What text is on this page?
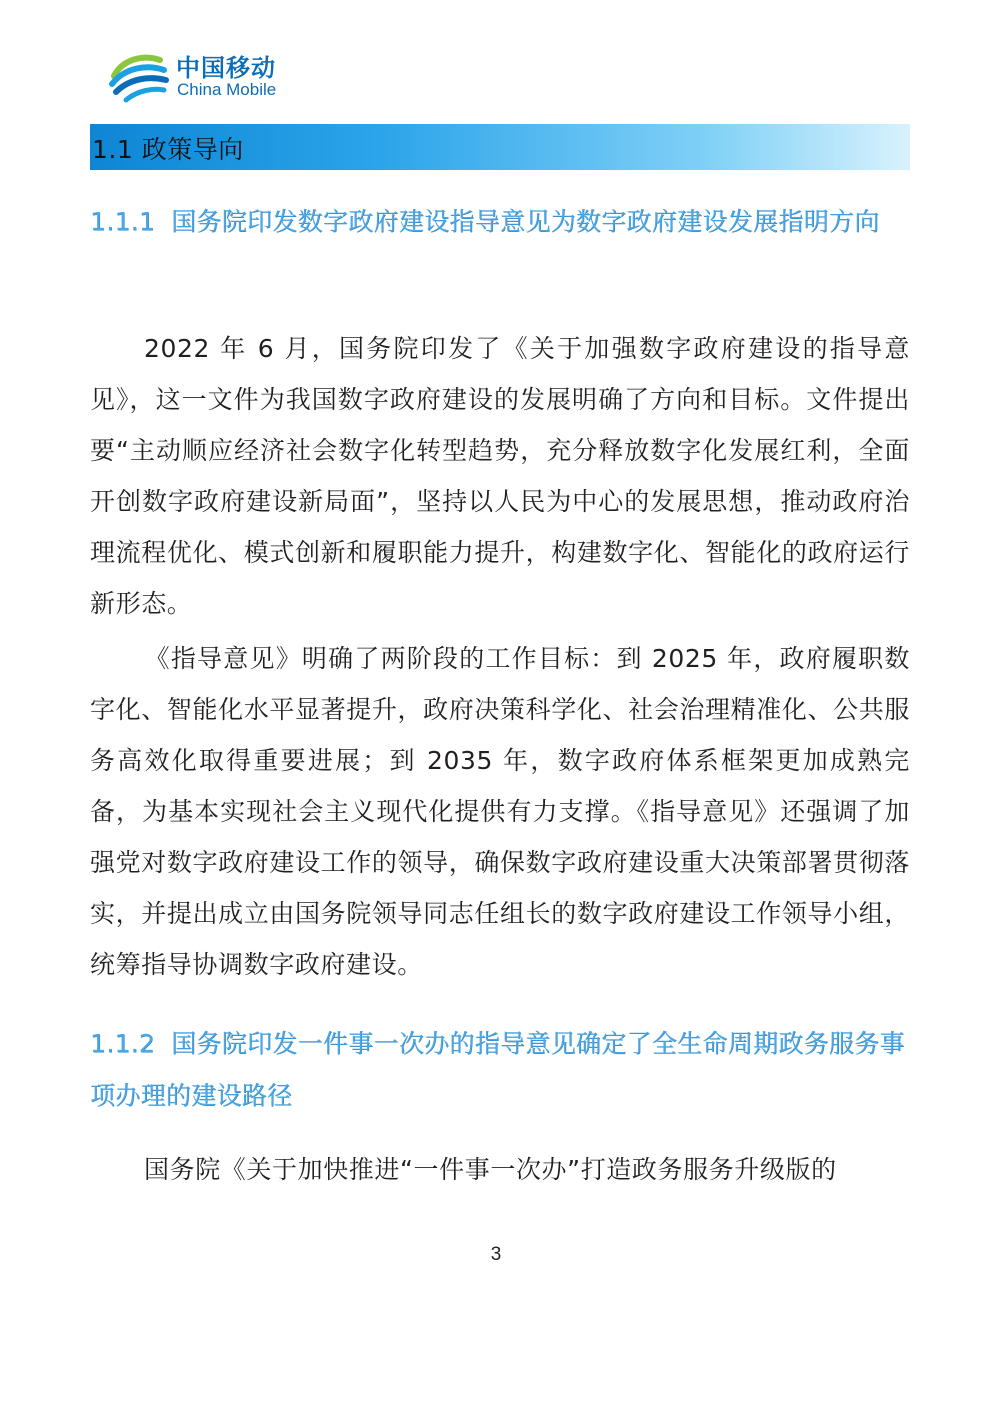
中国移动
China Mobile
1.1 政策导向
1.1.1 国务院印发数字政府建设指导意见为数字政府建设发展指明方向

2022 年 6 月，国务院印发了《关于加强数字政府建设的指导意见》，这一文件为我国数字政府建设的发展明确了方向和目标。文件提出要“主动顺应经济社会数字化转型趋势，充分释放数字化发展红利，全面开创数字政府建设新局面”，坚持以人民为中心的发展思想，推动政府治理流程优化、模式创新和履职能力提升，构建数字化、智能化的政府运行新形态。

《指导意见》明确了两阶段的工作目标：到 2025 年，政府履职数字化、智能化水平显著提升，政府决策科学化、社会治理精准化、公共服务高效化取得重要进展；到 2035 年，数字政府体系框架更加成熟完备，为基本实现社会主义现代化提供有力支撑。《指导意见》还强调了加强党对数字政府建设工作的领导，确保数字政府建设重大决策部署贯彻落实，并提出成立由国务院领导同志任组长的数字政府建设工作领导小组，统筹指导协调数字政府建设。

1.1.2 国务院印发一件事一次办的指导意见确定了全生命周期政务服务事项办理的建设路径

国务院《关于加快推进“一件事一次办”打造政务服务升级版的

3
